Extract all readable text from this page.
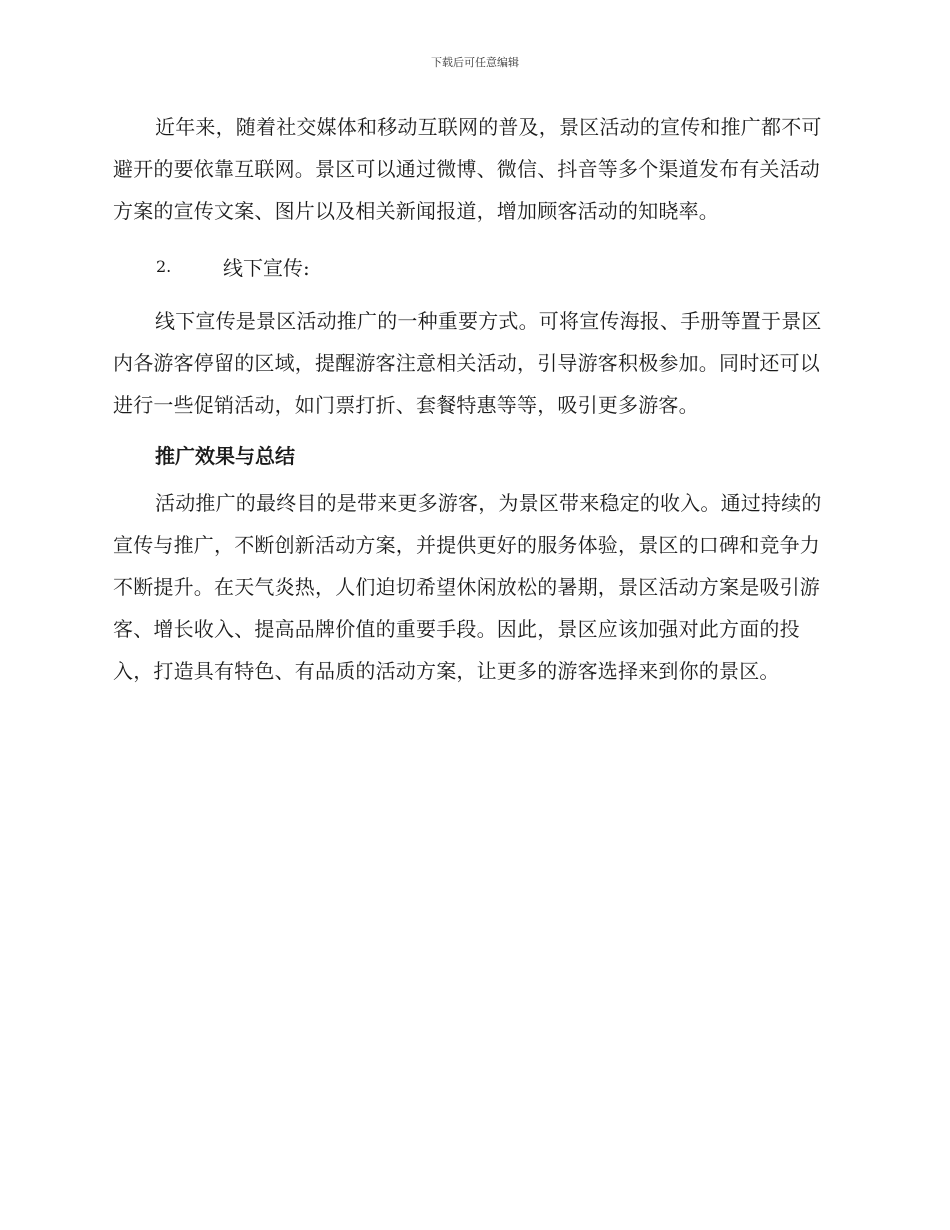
下载后可任意编辑

近年来，随着社交媒体和移动互联网的普及，景区活动的宣传和推广都不可避开的要依靠互联网。景区可以通过微博、微信、抖音等多个渠道发布有关活动方案的宣传文案、图片以及相关新闻报道，增加顾客活动的知晓率。

2.	线下宣传:

线下宣传是景区活动推广的一种重要方式。可将宣传海报、手册等置于景区内各游客停留的区域，提醒游客注意相关活动，引导游客积极参加。同时还可以进行一些促销活动，如门票打折、套餐特惠等等，吸引更多游客。

推广效果与总结

活动推广的最终目的是带来更多游客，为景区带来稳定的收入。通过持续的宣传与推广，不断创新活动方案，并提供更好的服务体验，景区的口碑和竞争力不断提升。在天气炎热，人们迫切希望休闲放松的暑期，景区活动方案是吸引游客、增长收入、提高品牌价值的重要手段。因此，景区应该加强对此方面的投入，打造具有特色、有品质的活动方案，让更多的游客选择来到你的景区。
